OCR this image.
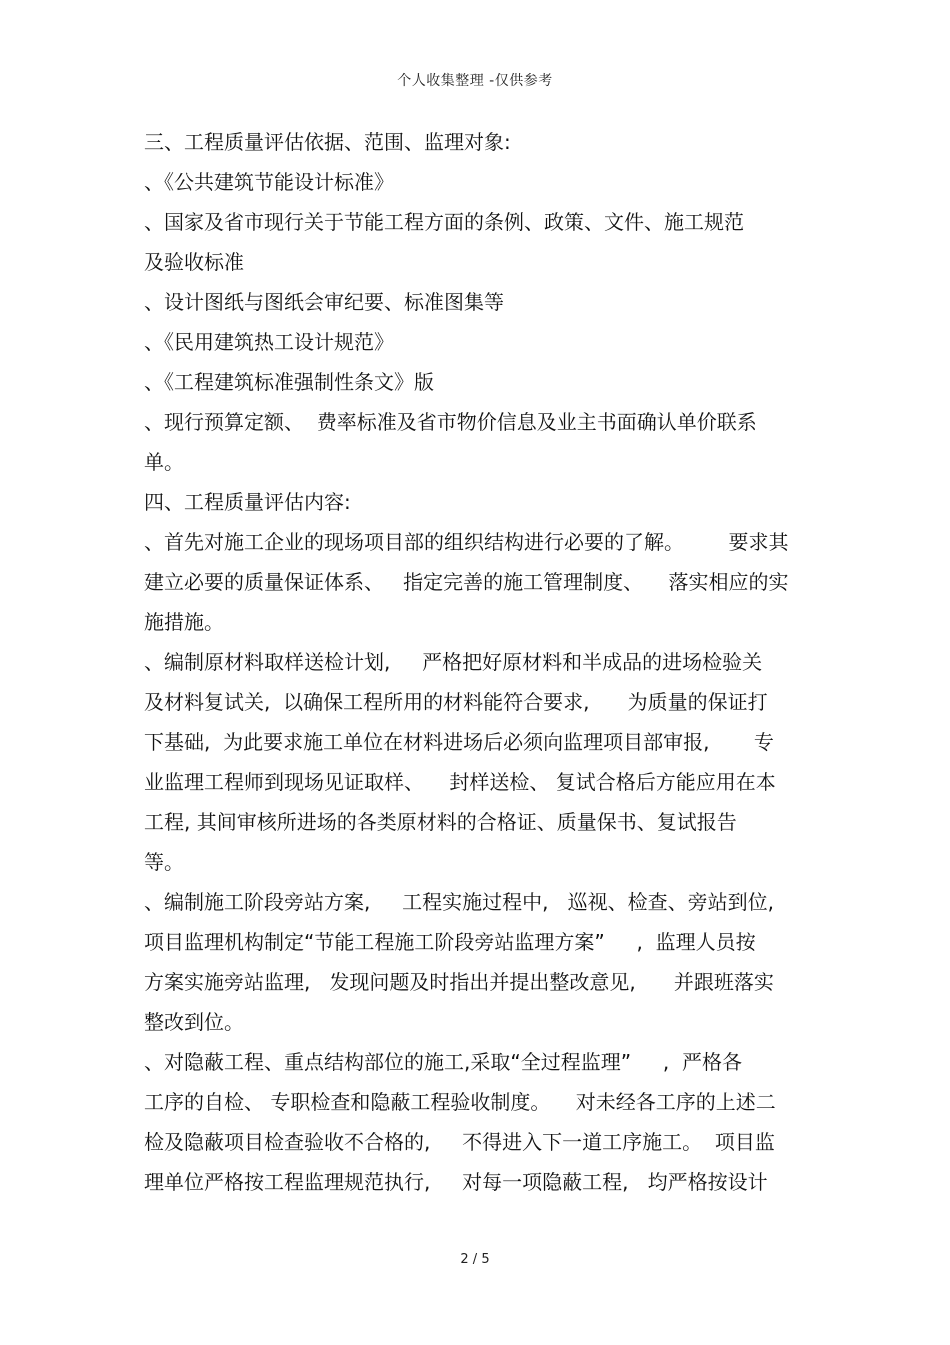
个人收集整理 -仅供参考
三、工程质量评估依据、范围、监理对象:
、《公共建筑节能设计标准》
、国家及省市现行关于节能工程方面的条例、政策、文件、施工规范
及验收标准
、设计图纸与图纸会审纪要、标准图集等
、《民用建筑热工设计规范》
、《工程建筑标准强制性条文》版
、现行预算定额、  费率标准及省市物价信息及业主书面确认单价联系
单。
四、工程质量评估内容:
、首先对施工企业的现场项目部的组织结构进行必要的了解。       要求其
建立必要的质量保证体系、   指定完善的施工管理制度、    落实相应的实
施措施。
、编制原材料取样送检计划,     严格把好原材料和半成品的进场检验关
及材料复试关,  以确保工程所用的材料能符合要求,      为质量的保证打
下基础,  为此要求施工单位在材料进场后必须向监理项目部审报,       专
业监理工程师到现场见证取样、    封样送检、 复试合格后方能应用在本
工程, 其间审核所进场的各类原材料的合格证、质量保书、复试报告
等。
、编制施工阶段旁站方案,     工程实施过程中,   巡视、检查、旁站到位,
项目监理机构制定“节能工程施工阶段旁站监理方案”     ,  监理人员按
方案实施旁站监理,   发现问题及时指出并提出整改意见,      并跟班落实
整改到位。
、对隐蔽工程、重点结构部位的施工,采取“全过程监理”     ,  严格各
工序的自检、 专职检查和隐蔽工程验收制度。    对未经各工序的上述二
检及隐蔽项目检查验收不合格的,     不得进入下一道工序施工。  项目监
理单位严格按工程监理规范执行,     对每一项隐蔽工程,   均严格按设计
2 / 5
